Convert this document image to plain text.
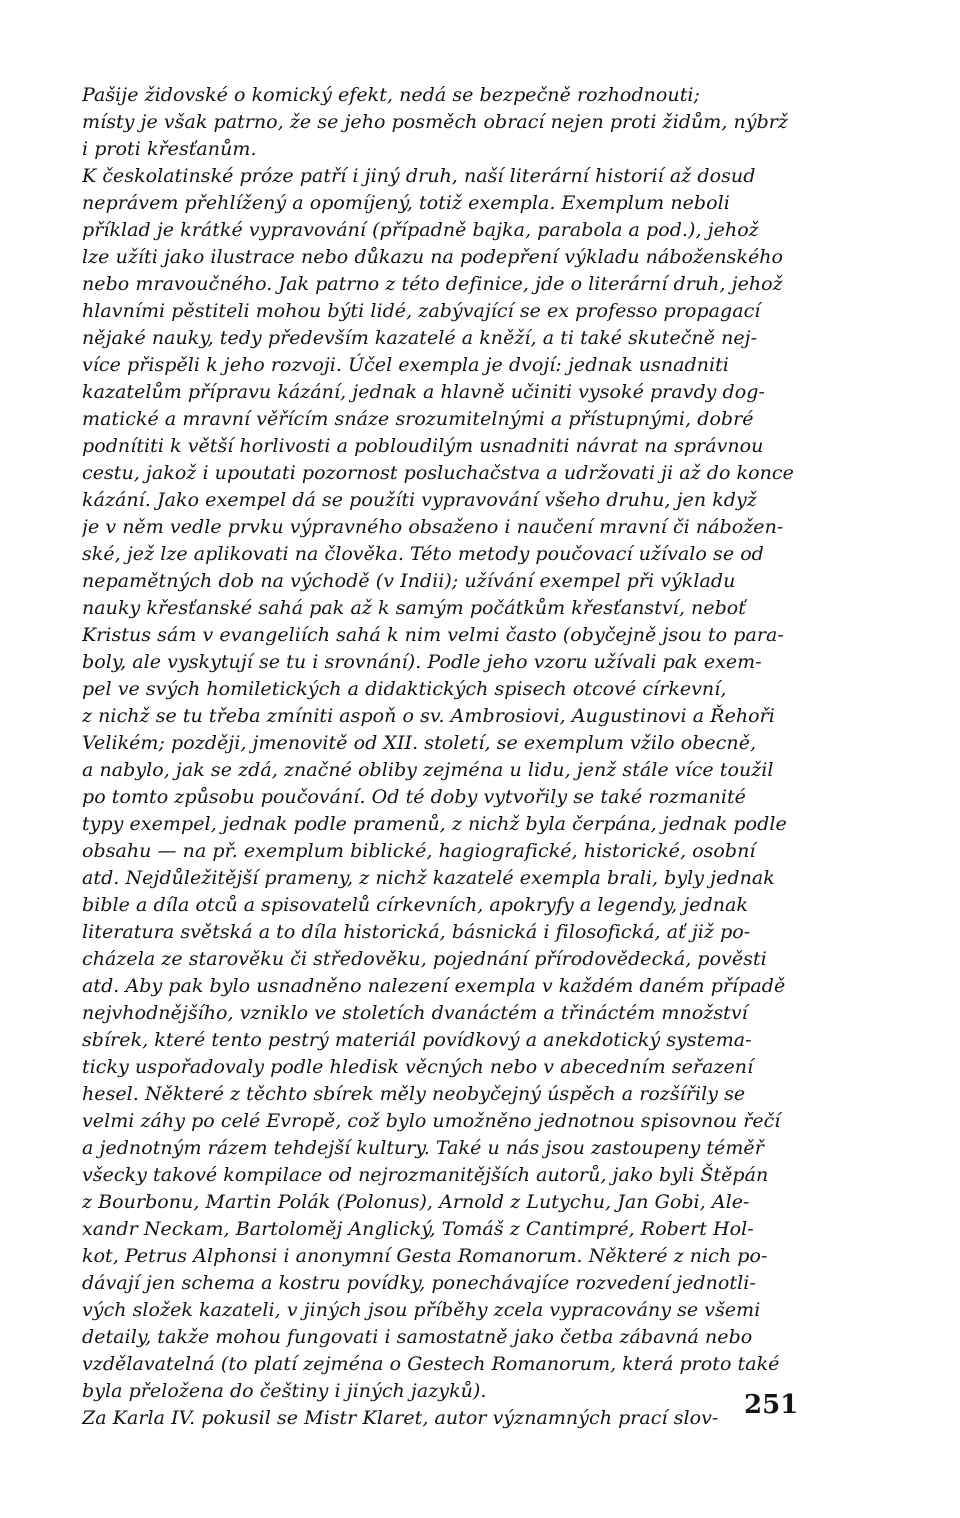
Pašije židovské o komický efekt, nedá se bezpečně rozhodnouti;
místy je však patrno, že se jeho posměch obrací nejen proti židům, nýbrž
i proti křesťanům.
K českolatinské próze patří i jiný druh, naší literární historií až dosud
neprávem přehlížený a opomíjený, totiž exempla. Exemplum neboli
příklad je krátké vypravování (případně bajka, parabola a pod.), jehož
lze užíti jako ilustrace nebo důkazu na podepření výkladu náboženského
nebo mravoučného. Jak patrno z této definice, jde o literární druh, jehož
hlavními pěstiteli mohou býti lidé, zabývající se ex professo propagací
nějaké nauky, tedy především kazatelé a kněží, a ti také skutečně nej-
více přispěli k jeho rozvoji. Účel exempla je dvojí: jednak usnadniti
kazatelům přípravu kázání, jednak a hlavně učiniti vysoké pravdy dog-
matické a mravní věřícím snáze srozumitelnými a přístupnými, dobré
podnítiti k větší horlivosti a pobloudilým usnadniti návrat na správnou
cestu, jakož i upoutati pozornost posluchačstva a udržovati ji až do konce
kázání. Jako exempel dá se použíti vypravování všeho druhu, jen když
je v něm vedle prvku výpravného obsaženo i naučení mravní či nábožen-
ské, jež lze aplikovati na člověka. Této metody poučovací užívalo se od
nepamětných dob na východě (v Indii); užívání exempel při výkladu
nauky křesťanské sahá pak až k samým počátkům křesťanství, neboť
Kristus sám v evangeliích sahá k nim velmi často (obyčejně jsou to para-
boly, ale vyskytují se tu i srovnání). Podle jeho vzoru užívali pak exem-
pel ve svých homiletických a didaktických spisech otcové církevní,
z nichž se tu třeba zmíniti aspoň o sv. Ambrosiovi, Augustinovi a Řehoři
Velikém; později, jmenovitě od XII. století, se exemplum vžilo obecně,
a nabylo, jak se zdá, značné obliby zejména u lidu, jenž stále více toužil
po tomto způsobu poučování. Od té doby vytvořily se také rozmanité
typy exempel, jednak podle pramenů, z nichž byla čerpána, jednak podle
obsahu — na př. exemplum biblické, hagiografické, historické, osobní
atd. Nejdůležitější prameny, z nichž kazatelé exempla brali, byly jednak
bible a díla otců a spisovatelů církevních, apokryfy a legendy, jednak
literatura světská a to díla historická, básnická i filosofická, ať již po-
cházela ze starověku či středověku, pojednání přírodovědecká, pověsti
atd. Aby pak bylo usnadněno nalezení exempla v každém daném případě
nejvhodnějšího, vzniklo ve stoletích dvanáctém a třináctém množství
sbírek, které tento pestrý materiál povídkový a anekdotický systema-
ticky uspořadovaly podle hledisk věcných nebo v abecedním seřazení
hesel. Některé z těchto sbírek měly neobyčejný úspěch a rozšířily se
velmi záhy po celé Evropě, což bylo umožněno jednotnou spisovnou řečí
a jednotným rázem tehdejší kultury. Také u nás jsou zastoupeny téměř
všecky takové kompilace od nejrozmanitějších autorů, jako byli Štěpán
z Bourbonu, Martin Polák (Polonus), Arnold z Lutychu, Jan Gobi, Ale-
xandr Neckam, Bartoloměj Anglický, Tomáš z Cantimpré, Robert Hol-
kot, Petrus Alphonsi i anonymní Gesta Romanorum. Některé z nich po-
dávají jen schema a kostru povídky, ponechávajíce rozvedení jednotli-
vých složek kazateli, v jiných jsou příběhy zcela vypracovány se všemi
detaily, takže mohou fungovati i samostatně jako četba zábavná nebo
vzdělavatelná (to platí zejména o Gestech Romanorum, která proto také
byla přeložena do češtiny i jiných jazyků).
Za Karla IV. pokusil se Mistr Klaret, autor významných prací slov- 251
